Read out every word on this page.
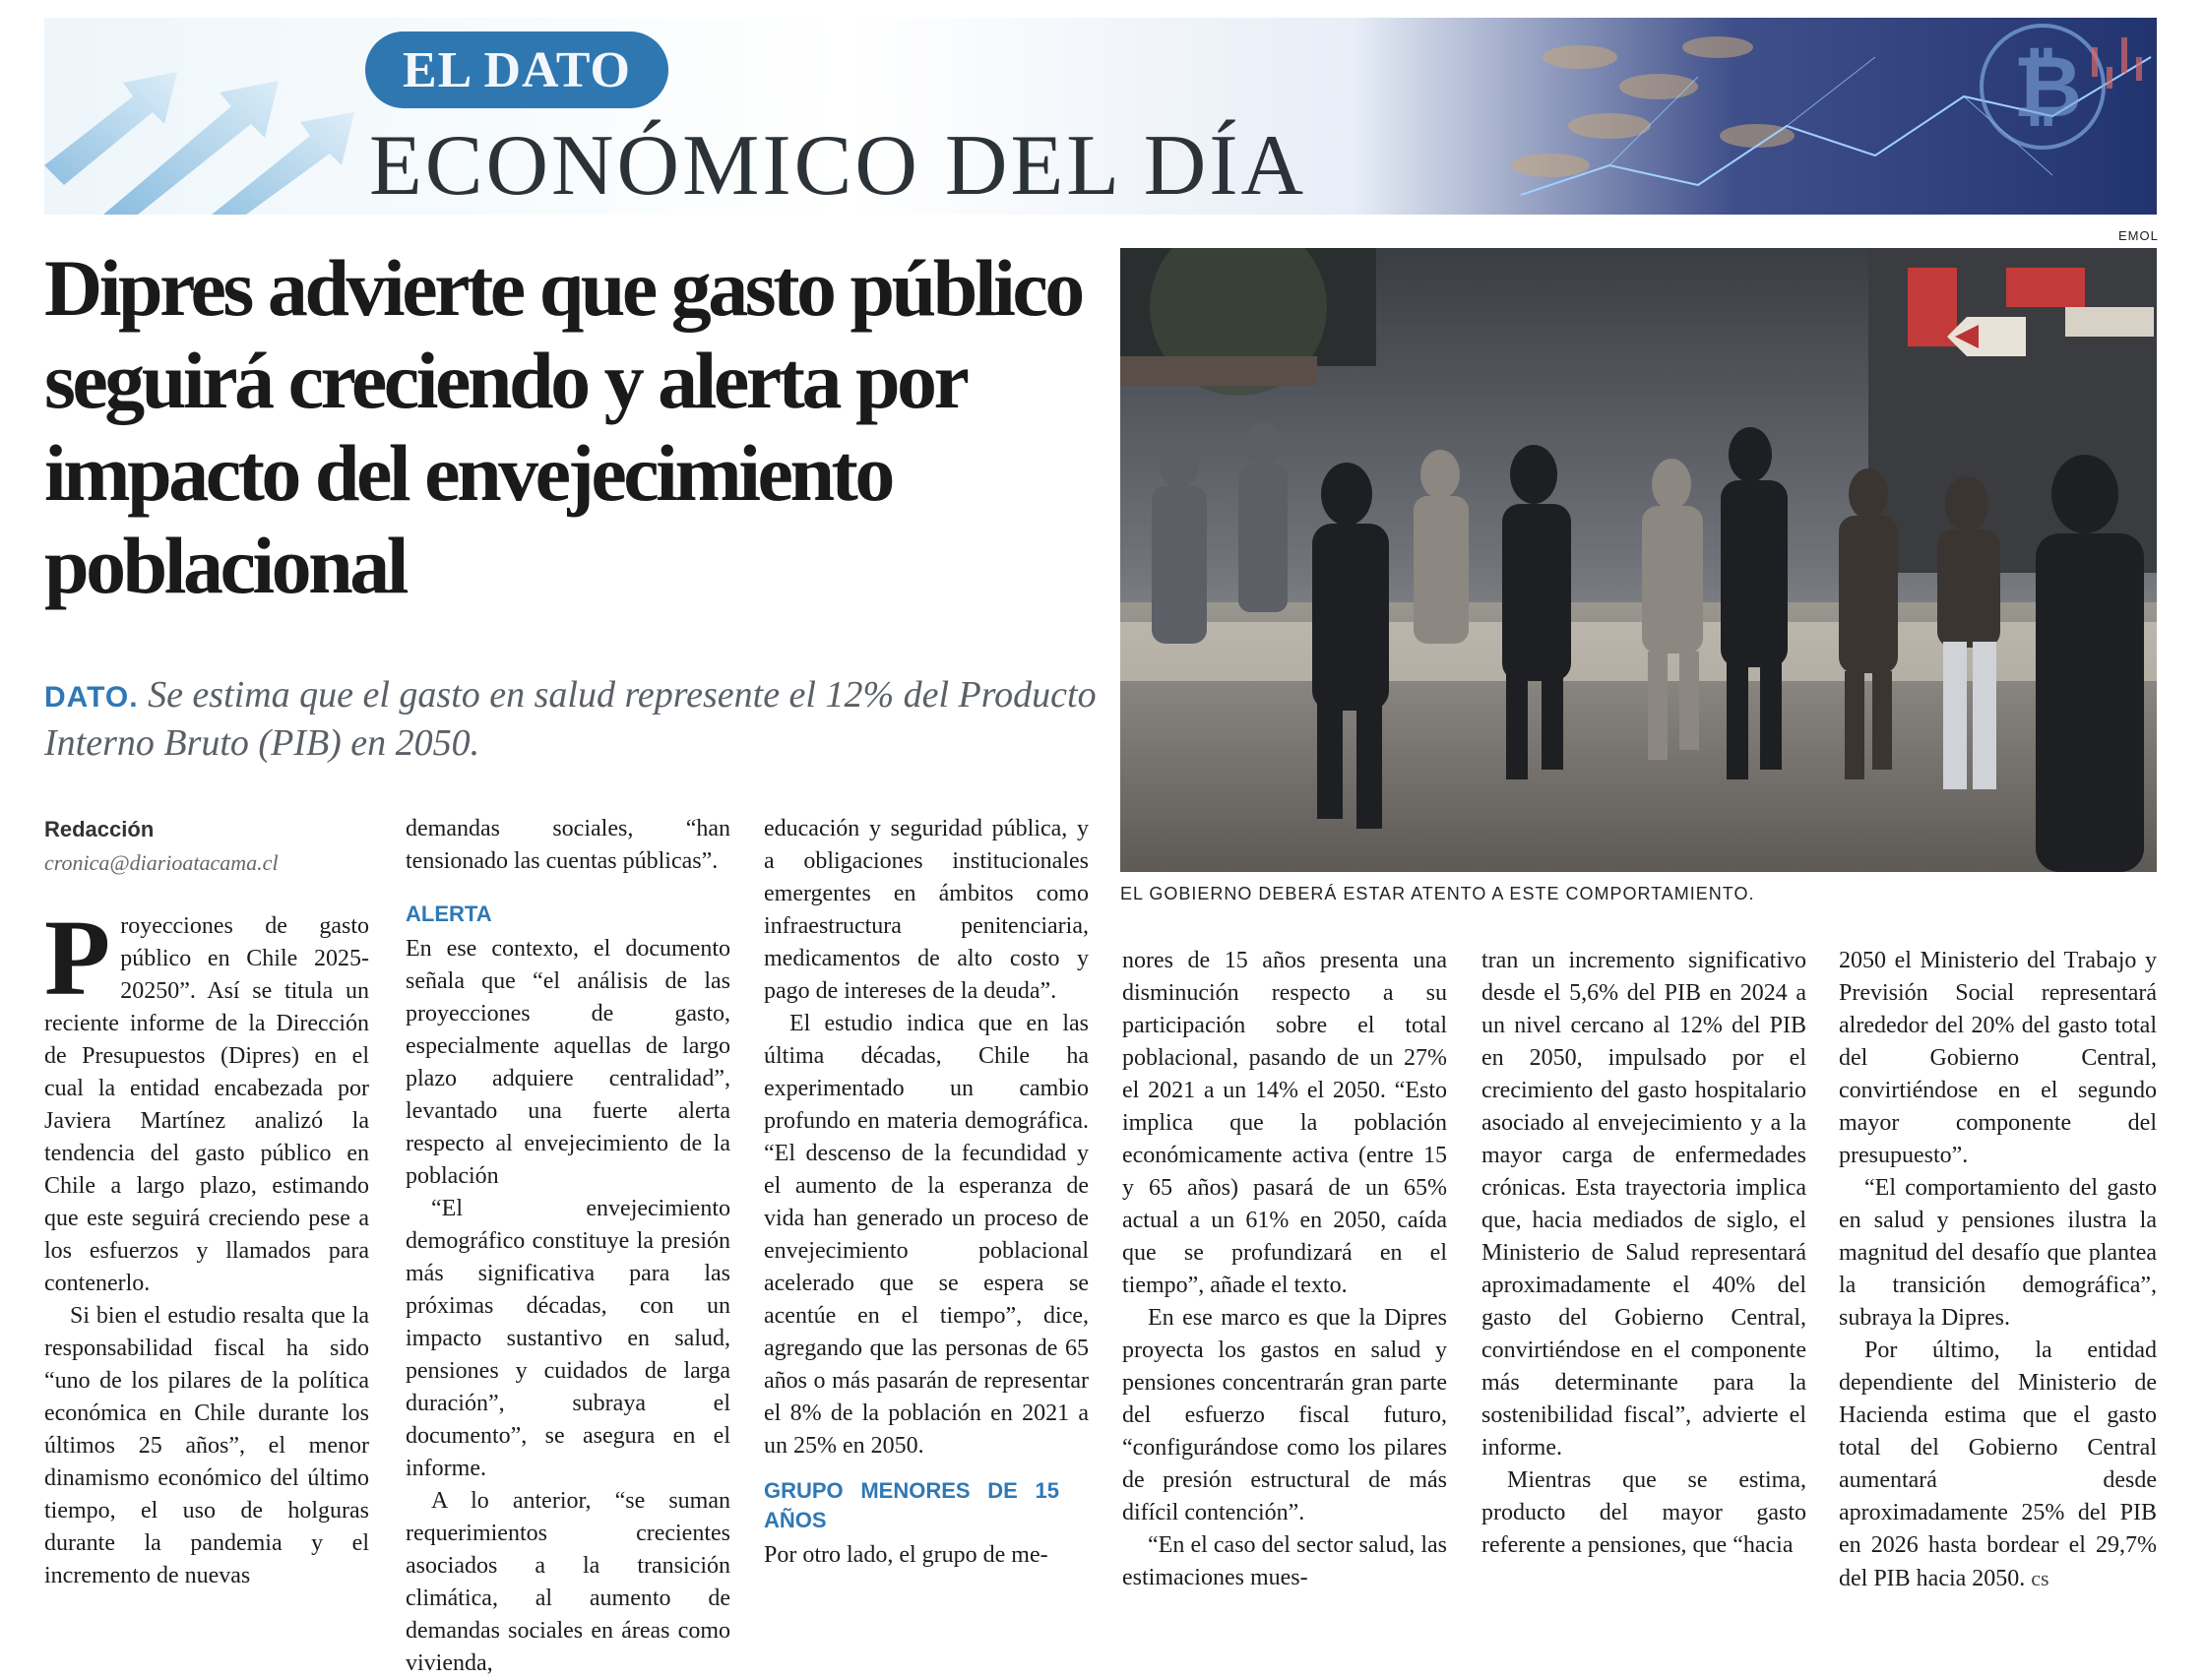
₿
EL DATO
ECONÓMICO DEL DÍA
EMOL
Dipres advierte que gasto público seguirá creciendo y alerta por impacto del envejecimiento poblacional
DATO. Se estima que el gasto en salud represente el 12% del Producto Interno Bruto (PIB) en 2050.
EL GOBIERNO DEBERÁ ESTAR ATENTO A ESTE COMPORTAMIENTO.
Redacción
cronica@diarioatacama.cl

Proyecciones de gasto público en Chile 2025-20250”. Así se titula un reciente informe de la Dirección de Presupuestos (Dipres) en el cual la entidad encabezada por Javiera Martínez analizó la tendencia del gasto público en Chile a largo plazo, estimando que este seguirá creciendo pese a los esfuerzos y llamados para contenerlo.

Si bien el estudio resalta que la responsabilidad fiscal ha sido “uno de los pilares de la política económica en Chile durante los últimos 25 años”, el menor dinamismo económico del último tiempo, el uso de holguras durante la pandemia y el incremento de nuevas

demandas sociales, “han tensionado las cuentas públicas”.

ALERTA

En ese contexto, el documento señala que “el análisis de las proyecciones de gasto, especialmente aquellas de largo plazo adquiere centralidad”, levantado una fuerte alerta respecto al envejecimiento de la población

“El envejecimiento demográfico constituye la presión más significativa para las próximas décadas, con un impacto sustantivo en salud, pensiones y cuidados de larga duración”, subraya el documento”, se asegura en el informe.

A lo anterior, “se suman requerimientos crecientes asociados a la transición climática, al aumento de demandas sociales en áreas como vivienda,

educación y seguridad pública, y a obligaciones institucionales emergentes en ámbitos como infraestructura penitenciaria, medicamentos de alto costo y pago de intereses de la deuda”.

El estudio indica que en las última décadas, Chile ha experimentado un cambio profundo en materia demográfica. “El descenso de la fecundidad y el aumento de la esperanza de vida han generado un proceso de envejecimiento poblacional acelerado que se espera se acentúe en el tiempo”, dice, agregando que las personas de 65 años o más pasarán de representar el 8% de la población en 2021 a un 25% en 2050.

GRUPO MENORES DE 15 AÑOS

Por otro lado, el grupo de me-

nores de 15 años presenta una disminución respecto a su participación sobre el total poblacional, pasando de un 27% el 2021 a un 14% el 2050. “Esto implica que la población económicamente activa (entre 15 y 65 años) pasará de un 65% actual a un 61% en 2050, caída que se profundizará en el tiempo”, añade el texto.

En ese marco es que la Dipres proyecta los gastos en salud y pensiones concentrarán gran parte del esfuerzo fiscal futuro, “configurándose como los pilares de presión estructural de más difícil contención”.

“En el caso del sector salud, las estimaciones mues-

tran un incremento significativo desde el 5,6% del PIB en 2024 a un nivel cercano al 12% del PIB en 2050, impulsado por el crecimiento del gasto hospitalario asociado al envejecimiento y a la mayor carga de enfermedades crónicas. Esta trayectoria implica que, hacia mediados de siglo, el Ministerio de Salud representará aproximadamente el 40% del gasto del Gobierno Central, convirtiéndose en el componente más determinante para la sostenibilidad fiscal”, advierte el informe.

Mientras que se estima, producto del mayor gasto referente a pensiones, que “hacia

2050 el Ministerio del Trabajo y Previsión Social representará alrededor del 20% del gasto total del Gobierno Central, convirtiéndose en el segundo mayor componente del presupuesto”.

“El comportamiento del gasto en salud y pensiones ilustra la magnitud del desafío que plantea la transición demográfica”, subraya la Dipres.

Por último, la entidad dependiente del Ministerio de Hacienda estima que el gasto total del Gobierno Central aumentará desde aproximadamente 25% del PIB en 2026 hasta bordear el 29,7% del PIB hacia 2050. cs
